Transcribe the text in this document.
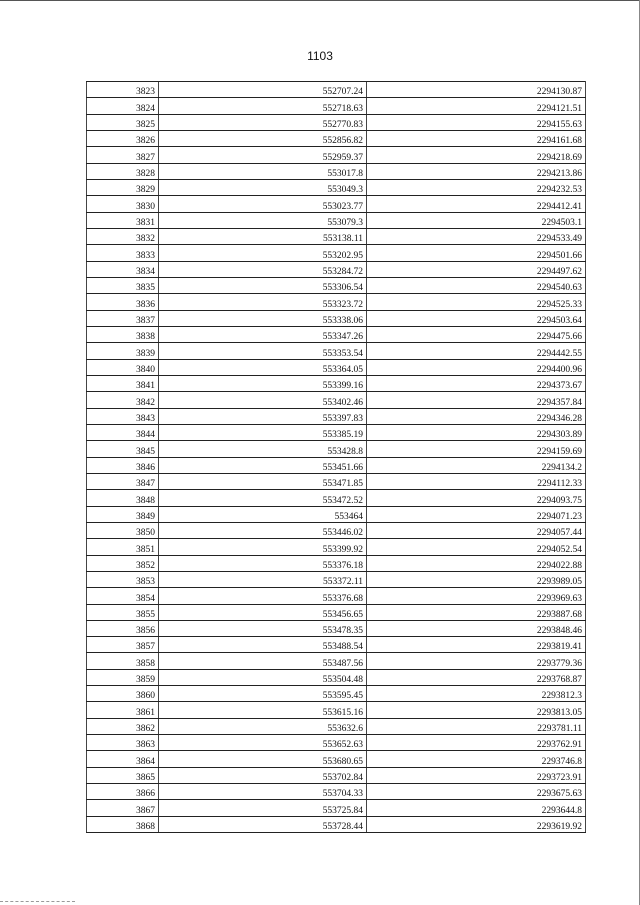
1103
3823	552707.24	2294130.87
3824	552718.63	2294121.51
3825	552770.83	2294155.63
3826	552856.82	2294161.68
3827	552959.37	2294218.69
3828	553017.8	2294213.86
3829	553049.3	2294232.53
3830	553023.77	2294412.41
3831	553079.3	2294503.1
3832	553138.11	2294533.49
3833	553202.95	2294501.66
3834	553284.72	2294497.62
3835	553306.54	2294540.63
3836	553323.72	2294525.33
3837	553338.06	2294503.64
3838	553347.26	2294475.66
3839	553353.54	2294442.55
3840	553364.05	2294400.96
3841	553399.16	2294373.67
3842	553402.46	2294357.84
3843	553397.83	2294346.28
3844	553385.19	2294303.89
3845	553428.8	2294159.69
3846	553451.66	2294134.2
3847	553471.85	2294112.33
3848	553472.52	2294093.75
3849	553464	2294071.23
3850	553446.02	2294057.44
3851	553399.92	2294052.54
3852	553376.18	2294022.88
3853	553372.11	2293989.05
3854	553376.68	2293969.63
3855	553456.65	2293887.68
3856	553478.35	2293848.46
3857	553488.54	2293819.41
3858	553487.56	2293779.36
3859	553504.48	2293768.87
3860	553595.45	2293812.3
3861	553615.16	2293813.05
3862	553632.6	2293781.11
3863	553652.63	2293762.91
3864	553680.65	2293746.8
3865	553702.84	2293723.91
3866	553704.33	2293675.63
3867	553725.84	2293644.8
3868	553728.44	2293619.92
